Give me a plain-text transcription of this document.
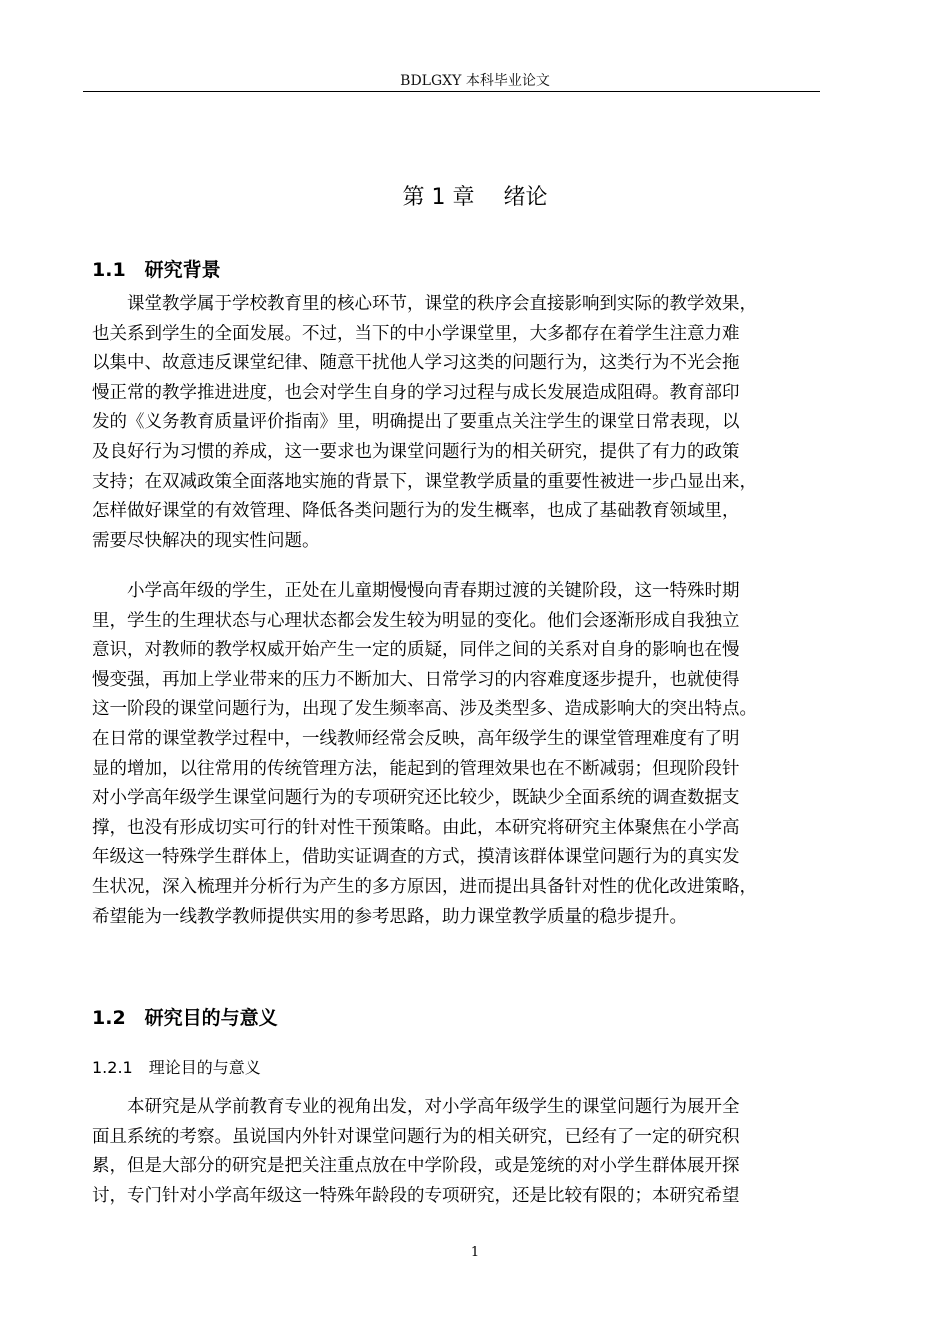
BDLGXY 本科毕业论文
第 1 章　 绪论
1.1　研究背景
　　课堂教学属于学校教育里的核心环节，课堂的秩序会直接影响到实际的教学效果，
也关系到学生的全面发展。不过，当下的中小学课堂里，大多都存在着学生注意力难
以集中、故意违反课堂纪律、随意干扰他人学习这类的问题行为，这类行为不光会拖
慢正常的教学推进进度，也会对学生自身的学习过程与成长发展造成阻碍。教育部印
发的《义务教育质量评价指南》里，明确提出了要重点关注学生的课堂日常表现，以
及良好行为习惯的养成，这一要求也为课堂问题行为的相关研究，提供了有力的政策
支持；在双减政策全面落地实施的背景下，课堂教学质量的重要性被进一步凸显出来，
怎样做好课堂的有效管理、降低各类问题行为的发生概率，也成了基础教育领域里，
需要尽快解决的现实性问题。
　　小学高年级的学生，正处在儿童期慢慢向青春期过渡的关键阶段，这一特殊时期
里，学生的生理状态与心理状态都会发生较为明显的变化。他们会逐渐形成自我独立
意识，对教师的教学权威开始产生一定的质疑，同伴之间的关系对自身的影响也在慢
慢变强，再加上学业带来的压力不断加大、日常学习的内容难度逐步提升，也就使得
这一阶段的课堂问题行为，出现了发生频率高、涉及类型多、造成影响大的突出特点。
在日常的课堂教学过程中，一线教师经常会反映，高年级学生的课堂管理难度有了明
显的增加，以往常用的传统管理方法，能起到的管理效果也在不断减弱；但现阶段针
对小学高年级学生课堂问题行为的专项研究还比较少，既缺少全面系统的调查数据支
撑，也没有形成切实可行的针对性干预策略。由此，本研究将研究主体聚焦在小学高
年级这一特殊学生群体上，借助实证调查的方式，摸清该群体课堂问题行为的真实发
生状况，深入梳理并分析行为产生的多方原因，进而提出具备针对性的优化改进策略，
希望能为一线教学教师提供实用的参考思路，助力课堂教学质量的稳步提升。
1.2　研究目的与意义
1.2.1　理论目的与意义
　　本研究是从学前教育专业的视角出发，对小学高年级学生的课堂问题行为展开全
面且系统的考察。虽说国内外针对课堂问题行为的相关研究，已经有了一定的研究积
累，但是大部分的研究是把关注重点放在中学阶段，或是笼统的对小学生群体展开探
讨，专门针对小学高年级这一特殊年龄段的专项研究，还是比较有限的；本研究希望
1
